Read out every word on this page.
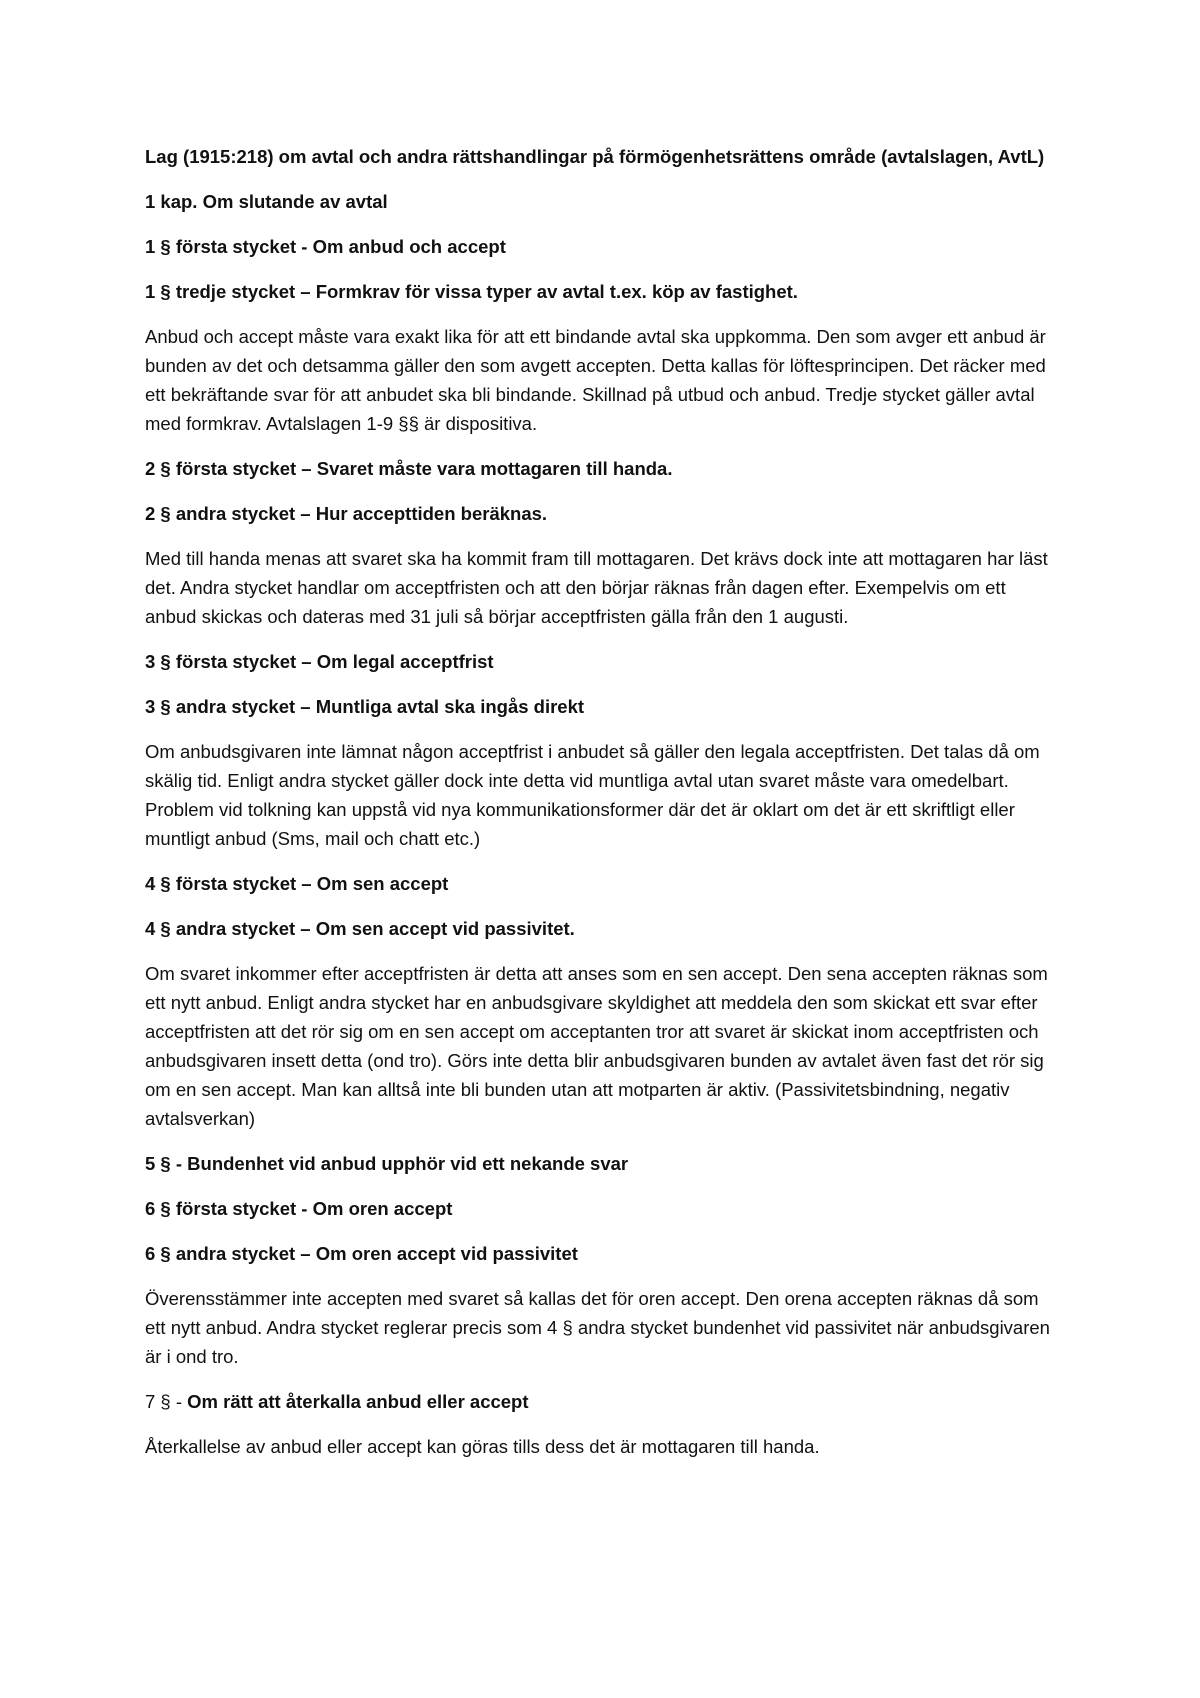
Lag (1915:218) om avtal och andra rättshandlingar på förmögenhetsrättens område (avtalslagen, AvtL)

1 kap. Om slutande av avtal

1 § första stycket - Om anbud och accept

1 § tredje stycket – Formkrav för vissa typer av avtal t.ex. köp av fastighet.

Anbud och accept måste vara exakt lika för att ett bindande avtal ska uppkomma. Den som avger ett anbud är bunden av det och detsamma gäller den som avgett accepten. Detta kallas för löftesprincipen. Det räcker med ett bekräftande svar för att anbudet ska bli bindande. Skillnad på utbud och anbud. Tredje stycket gäller avtal med formkrav. Avtalslagen 1-9 §§ är dispositiva.

2 § första stycket – Svaret måste vara mottagaren till handa.

2 § andra stycket – Hur accepttiden beräknas.

Med till handa menas att svaret ska ha kommit fram till mottagaren. Det krävs dock inte att mottagaren har läst det. Andra stycket handlar om acceptfristen och att den börjar räknas från dagen efter. Exempelvis om ett anbud skickas och dateras med 31 juli så börjar acceptfristen gälla från den 1 augusti.

3 § första stycket – Om legal acceptfrist

3 § andra stycket – Muntliga avtal ska ingås direkt

Om anbudsgivaren inte lämnat någon acceptfrist i anbudet så gäller den legala acceptfristen. Det talas då om skälig tid. Enligt andra stycket gäller dock inte detta vid muntliga avtal utan svaret måste vara omedelbart. Problem vid tolkning kan uppstå vid nya kommunikationsformer där det är oklart om det är ett skriftligt eller muntligt anbud (Sms, mail och chatt etc.)

4 § första stycket – Om sen accept

4 § andra stycket – Om sen accept vid passivitet.

Om svaret inkommer efter acceptfristen är detta att anses som en sen accept. Den sena accepten räknas som ett nytt anbud. Enligt andra stycket har en anbudsgivare skyldighet att meddela den som skickat ett svar efter acceptfristen att det rör sig om en sen accept om acceptanten tror att svaret är skickat inom acceptfristen och anbudsgivaren insett detta (ond tro). Görs inte detta blir anbudsgivaren bunden av avtalet även fast det rör sig om en sen accept. Man kan alltså inte bli bunden utan att motparten är aktiv. (Passivitetsbindning, negativ avtalsverkan)

5 § - Bundenhet vid anbud upphör vid ett nekande svar

6 § första stycket - Om oren accept

6 § andra stycket – Om oren accept vid passivitet

Överensstämmer inte accepten med svaret så kallas det för oren accept. Den orena accepten räknas då som ett nytt anbud. Andra stycket reglerar precis som 4 § andra stycket bundenhet vid passivitet när anbudsgivaren är i ond tro.

7 § - Om rätt att återkalla anbud eller accept

Återkallelse av anbud eller accept kan göras tills dess det är mottagaren till handa.
